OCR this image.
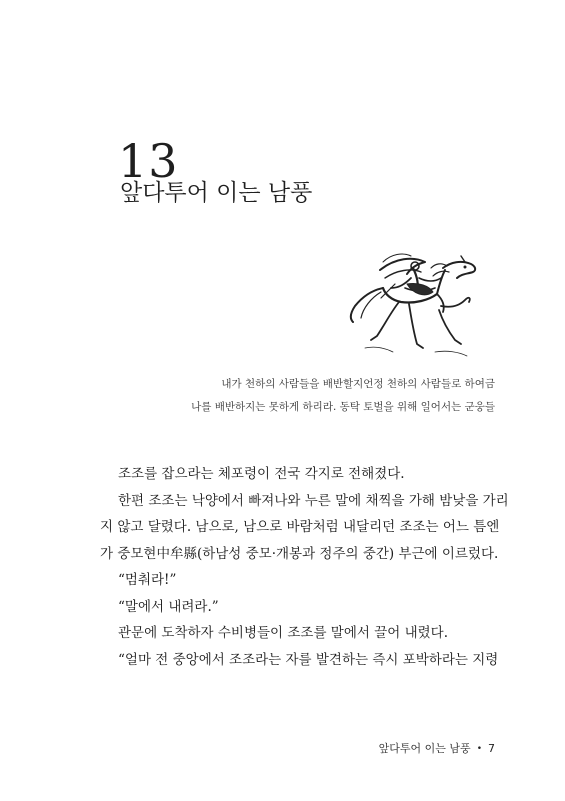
13
앞다투어 이는 남풍
내가 천하의 사람들을 배반할지언정 천하의 사람들로 하여금
나를 배반하지는 못하게 하리라. 동탁 토벌을 위해 일어서는 군웅들

조조를 잡으라는 체포령이 전국 각지로 전해졌다.

한편 조조는 낙양에서 빠져나와 누른 말에 채찍을 가해 밤낮을 가리

지 않고 달렸다. 남으로, 남으로 바람처럼 내달리던 조조는 어느 틈엔

가 중모현中牟縣(하남성 중모·개봉과 정주의 중간) 부근에 이르렀다.

“멈춰라!”

“말에서 내려라.”

관문에 도착하자 수비병들이 조조를 말에서 끌어 내렸다.

“얼마 전 중앙에서 조조라는 자를 발견하는 즉시 포박하라는 지령

앞다투어 이는 남풍 • 7
